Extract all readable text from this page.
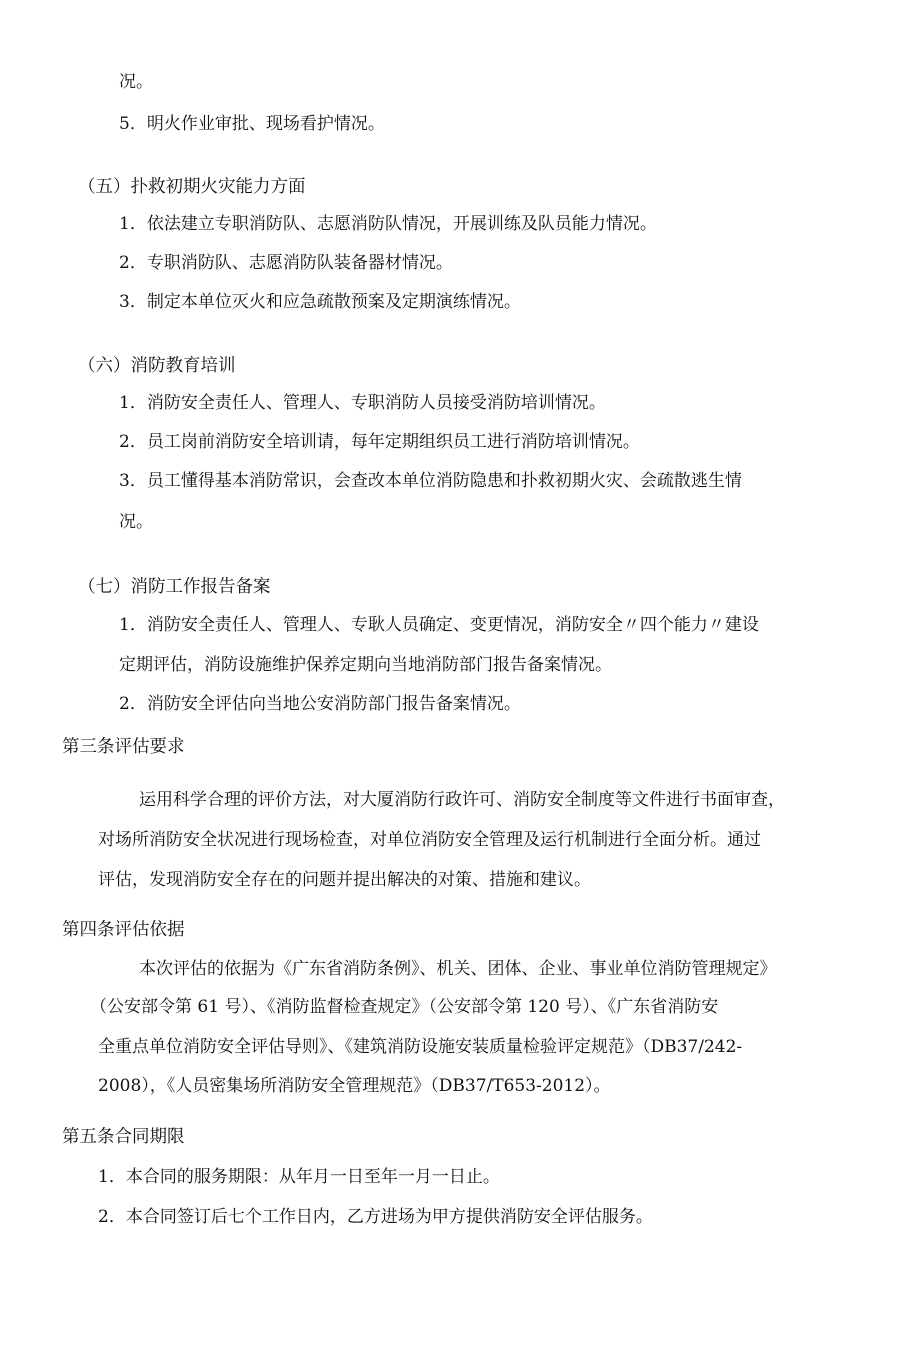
况。
5．明火作业审批、现场看护情况。
（五）扑救初期火灾能力方面
1．依法建立专职消防队、志愿消防队情况，开展训练及队员能力情况。
2．专职消防队、志愿消防队装备器材情况。
3．制定本单位灭火和应急疏散预案及定期演练情况。
（六）消防教育培训
1．消防安全责任人、管理人、专职消防人员接受消防培训情况。
2．员工岗前消防安全培训请，每年定期组织员工进行消防培训情况。
3．员工懂得基本消防常识，会查改本单位消防隐患和扑救初期火灾、会疏散逃生情
况。
（七）消防工作报告备案
1．消防安全责任人、管理人、专耿人员确定、变更情况，消防安全〃四个能力〃建设
定期评估，消防设施维护保养定期向当地消防部门报告备案情况。
2．消防安全评估向当地公安消防部门报告备案情况。
第三条评估要求
运用科学合理的评价方法，对大厦消防行政许可、消防安全制度等文件进行书面审查，
对场所消防安全状况进行现场检查，对单位消防安全管理及运行机制进行全面分析。通过
评估，发现消防安全存在的问题并提出解决的对策、措施和建议。
第四条评估依据
本次评估的依据为《广东省消防条例》、机关、团体、企业、事业单位消防管理规定》
（公安部令第 61 号）、《消防监督检查规定》（公安部令第 120 号）、《广东省消防安
全重点单位消防安全评估导则》、《建筑消防设施安装质量检验评定规范》（DB37/242-
2008），《人员密集场所消防安全管理规范》（DB37/T653-2012）。
第五条合同期限
1．本合同的服务期限：从年月一日至年一月一日止。
2．本合同签订后七个工作日内，乙方进场为甲方提供消防安全评估服务。
